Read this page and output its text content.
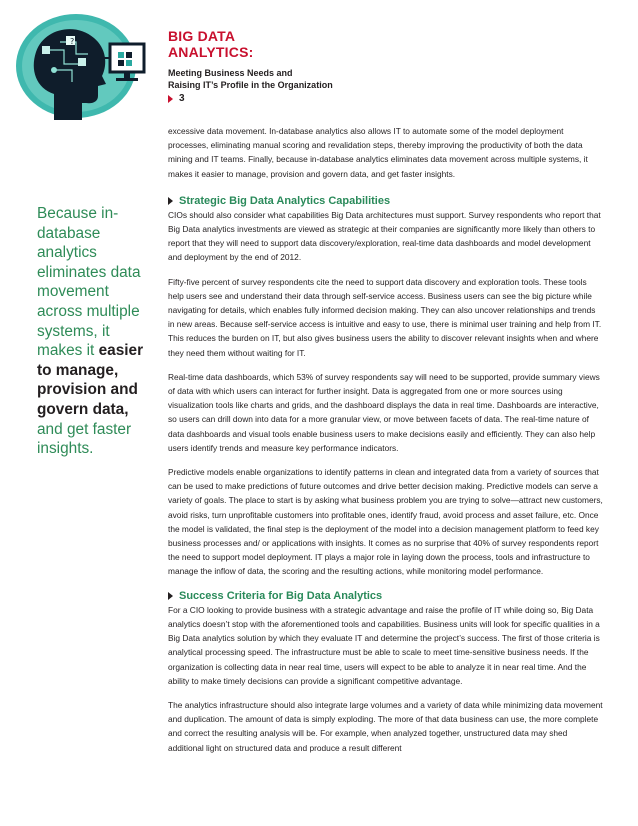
?	BIG DATA
ANALYTICS:
Meeting Business Needs and
Raising IT’s Profile in the Organization
3
Because in-database analytics eliminates data movement across multiple systems, it makes it easier to manage, provision and govern data, and get faster insights.

excessive data movement. In-database analytics also allows IT to automate some of the model deployment processes, eliminating manual scoring and revalidation steps, thereby improving the productivity of both the data mining and IT teams. Finally, because in-database analytics eliminates data movement across multiple systems, it makes it easier to manage, provision and govern data, and get faster insights.

Strategic Big Data Analytics Capabilities

CIOs should also consider what capabilities Big Data architectures must support. Survey respondents who report that Big Data analytics investments are viewed as strategic at their companies are significantly more likely than others to report that they will need to support data discovery/exploration, real-time data dashboards and model development and deployment by the end of 2012.

Fifty-five percent of survey respondents cite the need to support data discovery and exploration tools. These tools help users see and understand their data through self-service access. Business users can see the big picture while navigating for details, which enables fully informed decision making. They can also uncover relationships and trends in new areas. Because self-service access is intuitive and easy to use, there is minimal user training and help from IT. This reduces the burden on IT, but also gives business users the ability to discover relevant insights when and where they need them without waiting for IT.

Real-time data dashboards, which 53% of survey respondents say will need to be supported, provide summary views of data with which users can interact for further insight. Data is aggregated from one or more sources using visualization tools like charts and grids, and the dashboard displays the data in real time. Dashboards are interactive, so users can drill down into data for a more granular view, or move between facets of data. The real-time nature of data dashboards and visual tools enable business users to make decisions easily and efficiently. They can also help users identify trends and measure key performance indicators.

Predictive models enable organizations to identify patterns in clean and integrated data from a variety of sources that can be used to make predictions of future outcomes and drive better decision making. Predictive models can serve a variety of goals. The place to start is by asking what business problem you are trying to solve—attract new customers, avoid risks, turn unprofitable customers into profitable ones, identify fraud, avoid process and asset failure, etc. Once the model is validated, the final step is the deployment of the model into a decision management platform to feed key business processes and/ or applications with insights. It comes as no surprise that 40% of survey respondents report the need to support model deployment. IT plays a major role in laying down the process, tools and infrastructure to manage the inflow of data, the scoring and the resulting actions, while monitoring model performance.

Success Criteria for Big Data Analytics

For a CIO looking to provide business with a strategic advantage and raise the profile of IT while doing so, Big Data analytics doesn’t stop with the aforementioned tools and capabilities. Business units will look for specific qualities in a Big Data analytics solution by which they evaluate IT and determine the project’s success. The first of those criteria is analytical processing speed. The infrastructure must be able to scale to meet time-sensitive business needs. If the organization is collecting data in near real time, users will expect to be able to analyze it in near real time. And the ability to make timely decisions can provide a significant competitive advantage.

The analytics infrastructure should also integrate large volumes and a variety of data while minimizing data movement and duplication. The amount of data is simply exploding. The more of that data business can use, the more complete and correct the resulting analysis will be. For example, when analyzed together, unstructured data may shed additional light on structured data and produce a result different
